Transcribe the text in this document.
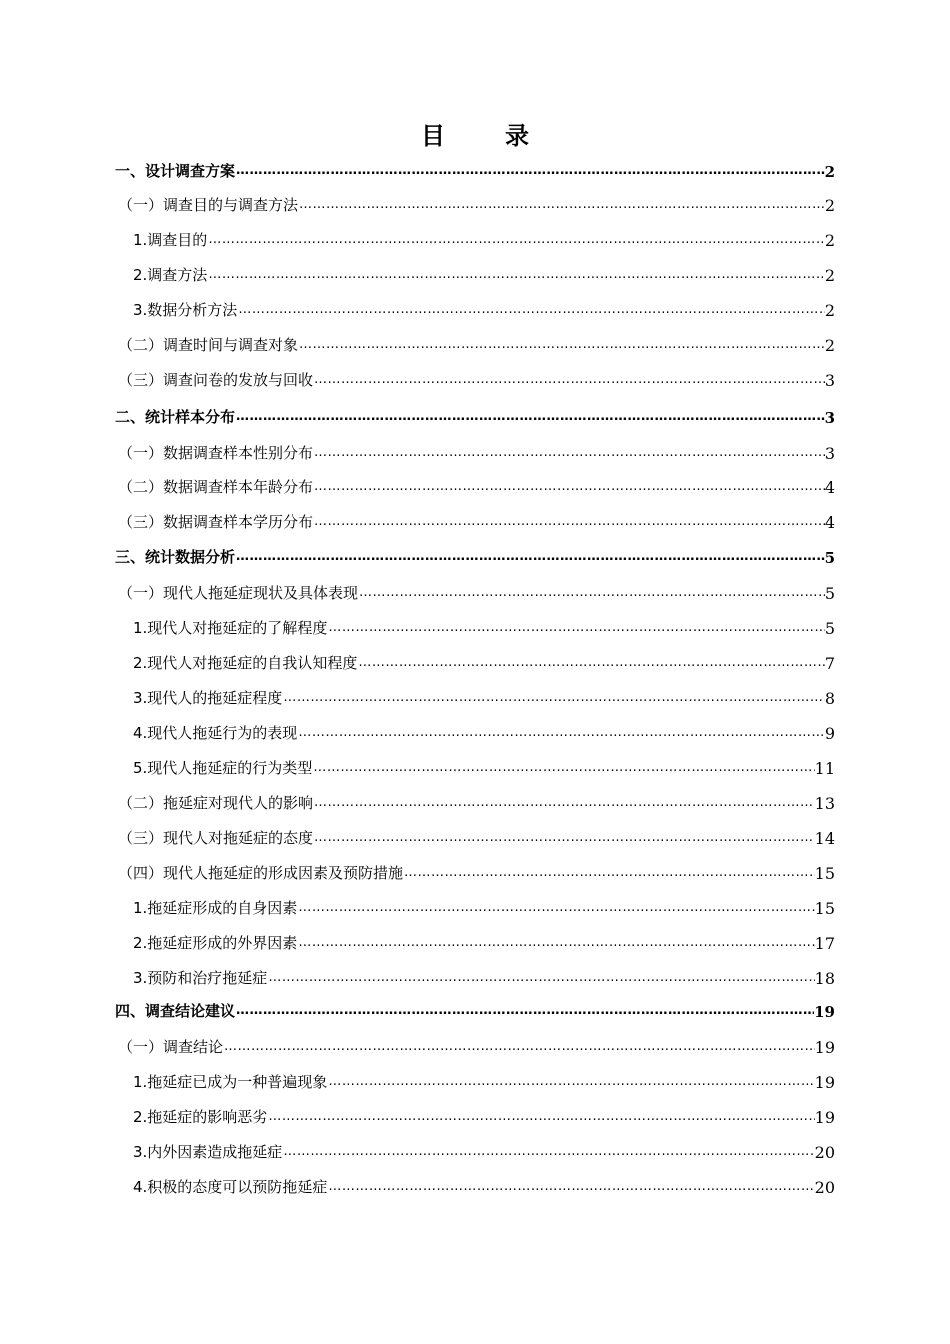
目　录
一、设计调查方案 ……………………………………………………………………………………………………………………………………………………………………………………………………………………………………………………………………………………	2
（一）调查目的与调查方法 ……………………………………………………………………………………………………………………………………………………………………………………………………………………………………………………………………………………	2
1.调查目的 ……………………………………………………………………………………………………………………………………………………………………………………………………………………………………………………………………………………	2
2.调查方法 ……………………………………………………………………………………………………………………………………………………………………………………………………………………………………………………………………………………	2
3.数据分析方法 ……………………………………………………………………………………………………………………………………………………………………………………………………………………………………………………………………………………	2
（二）调查时间与调查对象 ……………………………………………………………………………………………………………………………………………………………………………………………………………………………………………………………………………………	2
（三）调查问卷的发放与回收 ……………………………………………………………………………………………………………………………………………………………………………………………………………………………………………………………………………………	3
二、统计样本分布 ……………………………………………………………………………………………………………………………………………………………………………………………………………………………………………………………………………………	3
（一）数据调查样本性别分布 ……………………………………………………………………………………………………………………………………………………………………………………………………………………………………………………………………………………	3
（二）数据调查样本年龄分布 ……………………………………………………………………………………………………………………………………………………………………………………………………………………………………………………………………………………	4
（三）数据调查样本学历分布 ……………………………………………………………………………………………………………………………………………………………………………………………………………………………………………………………………………………	4
三、统计数据分析 ……………………………………………………………………………………………………………………………………………………………………………………………………………………………………………………………………………………	5
（一）现代人拖延症现状及具体表现 ……………………………………………………………………………………………………………………………………………………………………………………………………………………………………………………………………………………	5
1.现代人对拖延症的了解程度 ……………………………………………………………………………………………………………………………………………………………………………………………………………………………………………………………………………………	5
2.现代人对拖延症的自我认知程度 ……………………………………………………………………………………………………………………………………………………………………………………………………………………………………………………………………………………	7
3.现代人的拖延症程度 ……………………………………………………………………………………………………………………………………………………………………………………………………………………………………………………………………………………	8
4.现代人拖延行为的表现 ……………………………………………………………………………………………………………………………………………………………………………………………………………………………………………………………………………………	9
5.现代人拖延症的行为类型 ……………………………………………………………………………………………………………………………………………………………………………………………………………………………………………………………………………………	11
（二）拖延症对现代人的影响 ……………………………………………………………………………………………………………………………………………………………………………………………………………………………………………………………………………………	13
（三）现代人对拖延症的态度 ……………………………………………………………………………………………………………………………………………………………………………………………………………………………………………………………………………………	14
（四）现代人拖延症的形成因素及预防措施 ……………………………………………………………………………………………………………………………………………………………………………………………………………………………………………………………………………………	15
1.拖延症形成的自身因素 ……………………………………………………………………………………………………………………………………………………………………………………………………………………………………………………………………………………	15
2.拖延症形成的外界因素 ……………………………………………………………………………………………………………………………………………………………………………………………………………………………………………………………………………………	17
3.预防和治疗拖延症 ……………………………………………………………………………………………………………………………………………………………………………………………………………………………………………………………………………………	18
四、调查结论建议 ……………………………………………………………………………………………………………………………………………………………………………………………………………………………………………………………………………………	19
（一）调查结论 ……………………………………………………………………………………………………………………………………………………………………………………………………………………………………………………………………………………	19
1.拖延症已成为一种普遍现象 ……………………………………………………………………………………………………………………………………………………………………………………………………………………………………………………………………………………	19
2.拖延症的影响恶劣 ……………………………………………………………………………………………………………………………………………………………………………………………………………………………………………………………………………………	19
3.内外因素造成拖延症 ……………………………………………………………………………………………………………………………………………………………………………………………………………………………………………………………………………………	20
4.积极的态度可以预防拖延症 ……………………………………………………………………………………………………………………………………………………………………………………………………………………………………………………………………………………	20
